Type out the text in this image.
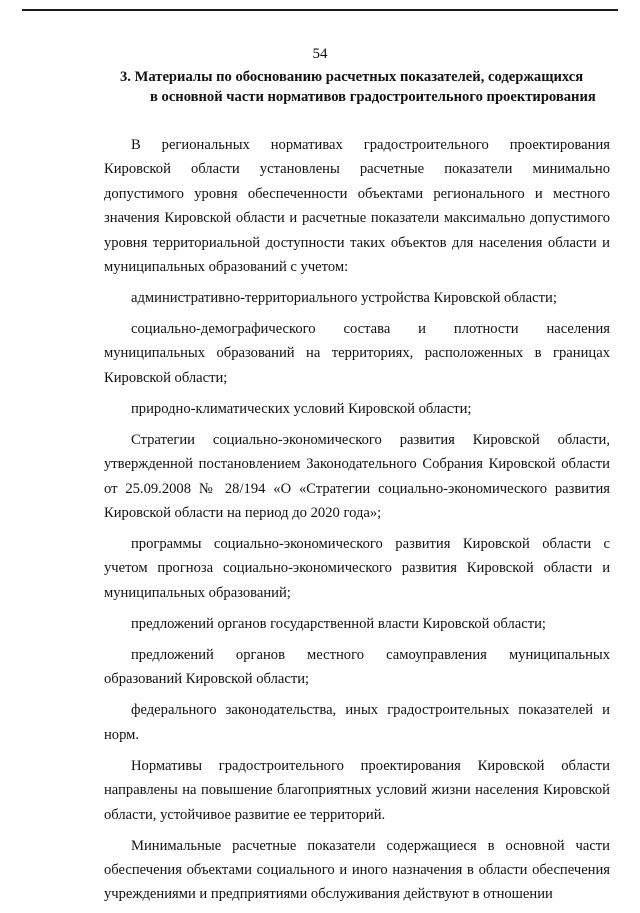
54
3. Материалы по обоснованию расчетных показателей, содержащихся
в основной части нормативов градостроительного проектирования

В региональных нормативах градостроительного проектирования Кировской области установлены расчетные показатели минимально допустимого уровня обеспеченности объектами регионального и местного значения Кировской области и расчетные показатели максимально допустимого уровня территориальной доступности таких объектов для населения области и муниципальных образований с учетом:

административно-территориального устройства Кировской области;

социально-демографического состава и плотности населения муниципальных образований на территориях, расположенных в границах Кировской области;

природно-климатических условий Кировской области;

Стратегии социально-экономического развития Кировской области, утвержденной постановлением Законодательного Собрания Кировской области от 25.09.2008 № 28/194 «О «Стратегии социально-экономического развития Кировской области на период до 2020 года»;

программы социально-экономического развития Кировской области с учетом прогноза социально-экономического развития Кировской области и муниципальных образований;

предложений органов государственной власти Кировской области;

предложений органов местного самоуправления муниципальных образований Кировской области;

федерального законодательства, иных градостроительных показателей и норм.

Нормативы градостроительного проектирования Кировской области направлены на повышение благоприятных условий жизни населения Кировской области, устойчивое развитие ее территорий.

Минимальные расчетные показатели содержащиеся в основной части обеспечения объектами социального и иного назначения в области обеспечения учреждениями и предприятиями обслуживания действуют в отношении
